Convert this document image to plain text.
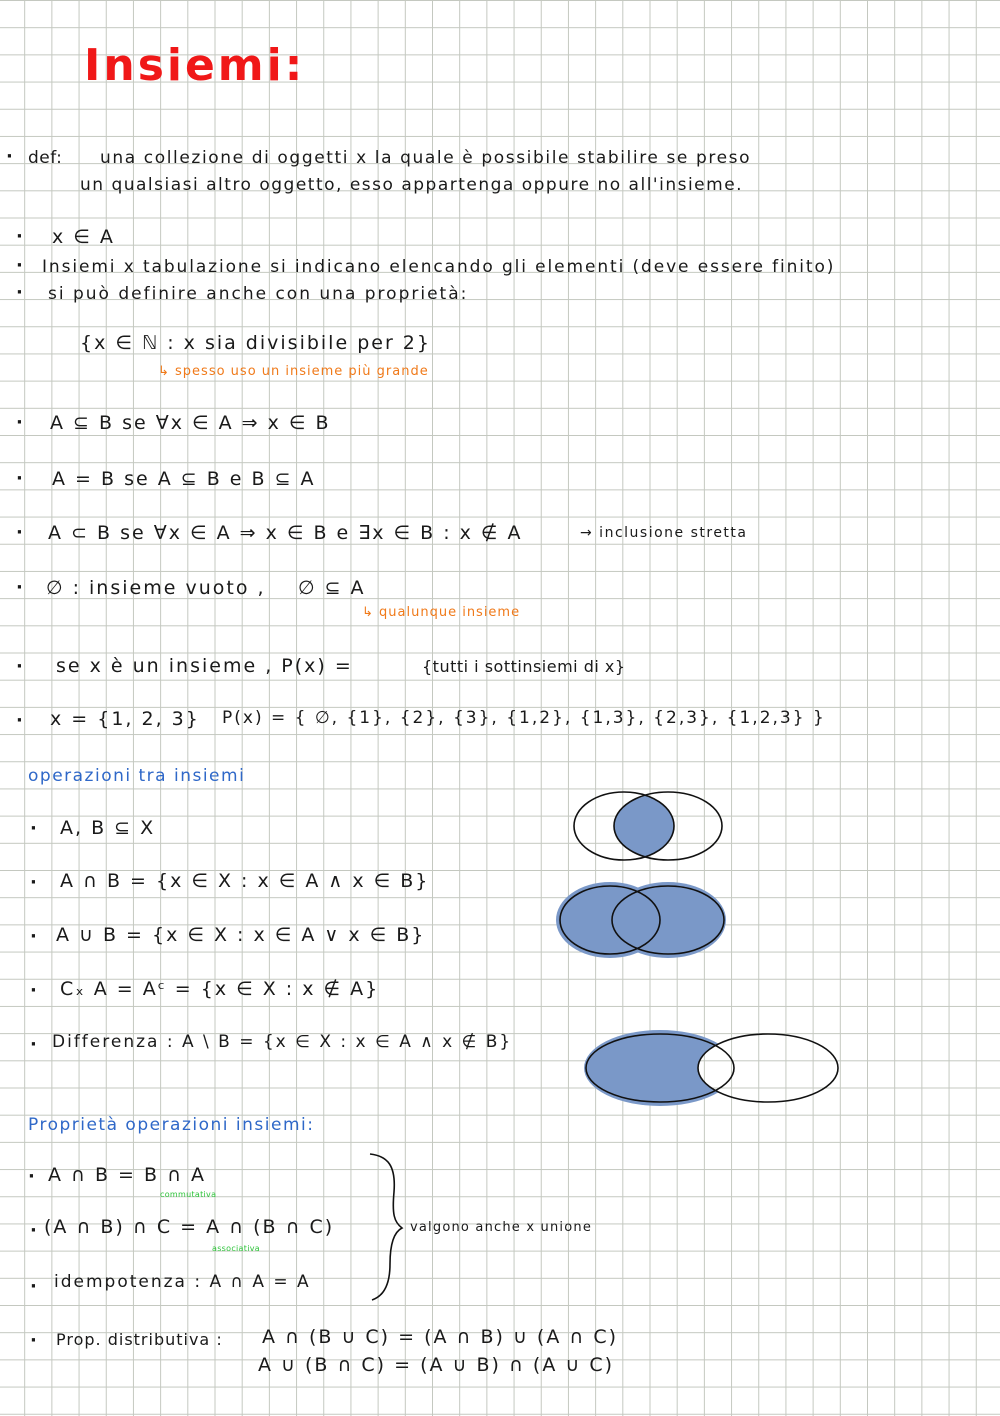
Insiemi:
· def: una collezione di oggetti x la quale è possibile stabilire se preso
un qualsiasi altro oggetto, esso appartenga oppure no all'insieme.
· x ∈ A
· Insiemi x tabulazione si indicano elencando gli elementi (deve essere finito)
· si può definire anche con una proprietà:
{x ∈ ℕ : x sia divisibile per 2}
↳ spesso uso un insieme più grande
· A ⊆ B se ∀x ∈ A ⇒ x ∈ B
· A = B se A ⊆ B e B ⊆ A
· A ⊂ B se ∀x ∈ A ⇒ x ∈ B e ∃x ∈ B : x ∉ A	→ inclusione stretta
· ∅ : insieme vuoto , ∅ ⊆ A
↳ qualunque insieme
· se x è un insieme , P(x) =	{tutti i sottinsiemi di x}
· x = {1, 2, 3} P(x) = { ∅, {1}, {2}, {3}, {1,2}, {1,3}, {2,3}, {1,2,3} }
operazioni tra insiemi
· A, B ⊆ X
· A ∩ B = {x ∈ X : x ∈ A ∧ x ∈ B}
· A ∪ B = {x ∈ X : x ∈ A ∨ x ∈ B}
· Cₓ A = Aᶜ = {x ∈ X : x ∉ A}
· Differenza : A \ B = {x ∈ X : x ∈ A ∧ x ∉ B}
Proprietà operazioni insiemi:
· A ∩ B = B ∩ A
commutativa
· (A ∩ B) ∩ C = A ∩ (B ∩ C)
associativa
· idempotenza : A ∩ A = A
valgono anche x unione
· Prop. distributiva : A ∩ (B ∪ C) = (A ∩ B) ∪ (A ∩ C)
A ∪ (B ∩ C) = (A ∪ B) ∩ (A ∪ C)
